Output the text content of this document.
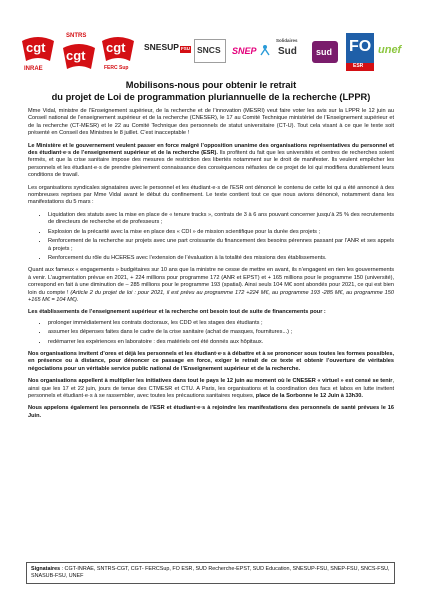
cgt
INRAE
SNTRS
cgt
cgt
FERC Sup
SNESUP FSU SNCS SNEP
Solidaires
Sud sud FO
ESR
unef
Mobilisons-nous pour obtenir le retrait
du projet de Loi de programmation pluriannuelle de la recherche (LPPR)

Mme Vidal, ministre de l’Enseignement supérieur, de la recherche et de l’innovation (MESRI) veut faire voter les avis sur la LPPR le 12 juin au Conseil national de l’enseignement supérieur et de la recherche (CNESER), le 17 au Comité Technique ministériel de l’Enseignement supérieur et de la recherche (CT-MESR) et le 22 au Comité Technique des personnels de statut universitaire (CT-U). Tout cela visant à ce que le texte soit présenté en Conseil des Ministres le 8 juillet. C’est inacceptable !

Le Ministère et le gouvernement veulent passer en force malgré l’opposition unanime des organisations représentatives du personnel et des étudiant·e·s de l’enseignement supérieur et de la recherche (ESR). Ils profitent du fait que les universités et centres de recherches soient fermés, et que la crise sanitaire impose des mesures de restriction des libertés notamment sur le droit de manifester. Ils veulent empêcher les personnels et les étudiant·e·s de prendre pleinement connaissance des conséquences néfastes de ce projet de loi qui modifiera durablement leurs conditions de travail.

Les organisations syndicales signataires avec le personnel et les étudiant·e·s de l’ESR ont dénoncé le contenu de cette loi qui a été annoncé à des nombreuses reprises par Mme Vidal avant le début du confinement. Le texte contient tout ce que nous avions dénoncé, notamment dans les manifestations du 5 mars :

• Liquidation des statuts avec la mise en place de « tenure tracks », contrats de 3 à 6 ans pouvant concerner jusqu’à 25 % des recrutements de directeurs de recherche et de professeurs ;
• Explosion de la précarité avec la mise en place des « CDI » de mission scientifique pour la durée des projets ;
• Renforcement de la recherche sur projets avec une part croissante du financement des besoins pérennes passant par l’ANR et ses appels à projets ;
• Renforcement du rôle du HCERES avec l’extension de l’évaluation à la totalité des missions des établissements.

Quant aux fameux « engagements » budgétaires sur 10 ans que la ministre ne cesse de mettre en avant, ils n’engagent en rien les gouvernements à venir. L’augmentation prévue en 2021, + 224 millions pour programme 172 (ANR et EPST) et + 165 millions pour le programme 150 (université), correspond en fait à une diminution de – 285 millions pour le programme 193 (spatial). Ainsi seuls 104 M€ sont abondés pour 2021, ce qui est bien loin du compte ! (Article 2 du projet de loi : pour 2021, il est prévu au programme 172 +224 M€, au programme 193 -285 M€, au programme 150 +165 M€ = 104 M€).

Les établissements de l’enseignement supérieur et la recherche ont besoin tout de suite de financements pour :

• prolonger immédiatement les contrats doctoraux, les CDD et les stages des étudiants ;
• assumer les dépenses faites dans le cadre de la crise sanitaire (achat de masques, fournitures...) ;
• redémarrer les expériences en laboratoire : des matériels ont été donnés aux hôpitaux.

Nos organisations invitent d’ores et déjà les personnels et les étudiant·e·s à débattre et à se prononcer sous toutes les formes possibles, en présence ou à distance, pour dénoncer ce passage en force, exiger le retrait de ce texte et obtenir l’ouverture de véritables négociations pour un véritable service public national de l’Enseignement supérieur et de la recherche.

Nos organisations appellent à multiplier les initiatives dans tout le pays le 12 juin au moment où le CNESER « virtuel » est censé se tenir, ainsi que les 17 et 22 juin, jours de tenue des CTMESR et CTU. A Paris, les organisations et la coordination des facs et labos en lutte invitent personnels et étudiant·e·s à se rassembler, avec toutes les précautions sanitaires requises, place de la Sorbonne le 12 Juin à 13h30.

Nous appelons également les personnels de l’ESR et étudiant·e·s à rejoindre les manifestations des personnels de santé prévues le 16 Juin.

Signataires : CGT-INRAE, SNTRS-CGT, CGT- FERCSup, FO ESR, SUD Recherche-EPST, SUD Education, SNESUP-FSU, SNEP-FSU, SNCS-FSU, SNASUB-FSU, UNEF
